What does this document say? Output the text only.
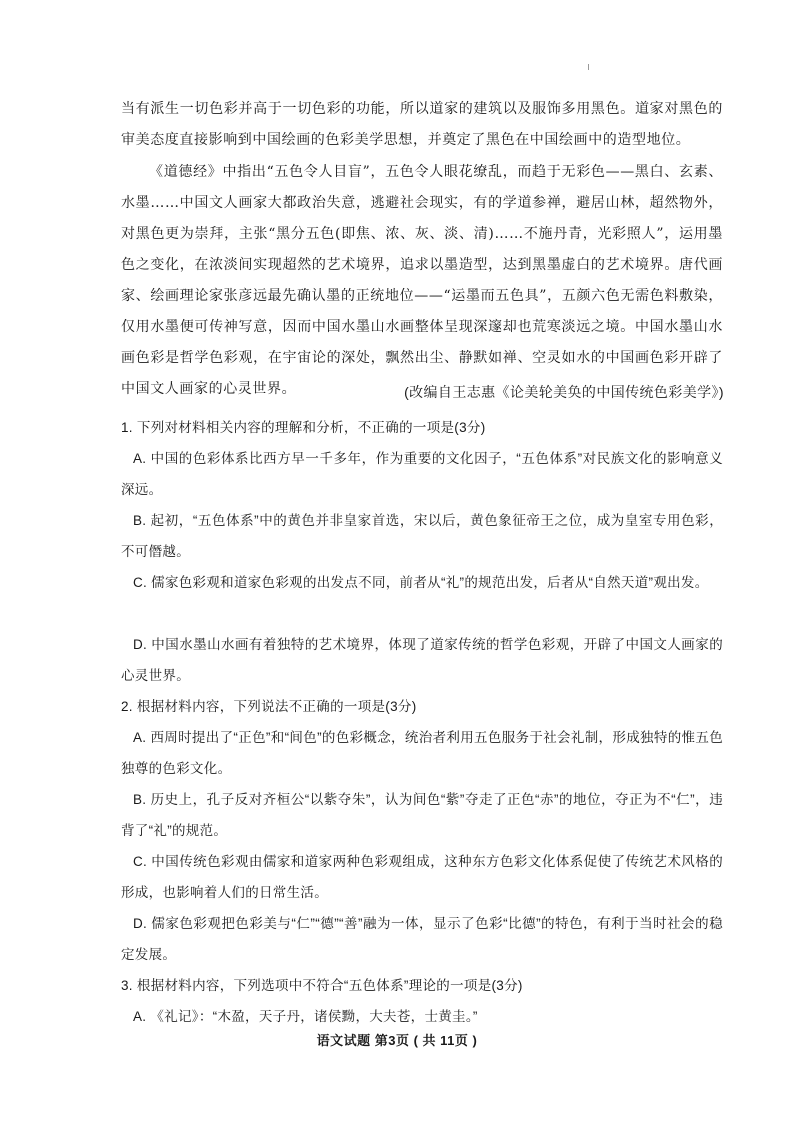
当有派生一切色彩并高于一切色彩的功能，所以道家的建筑以及服饰多用黑色。道家对黑色的审美态度直接影响到中国绘画的色彩美学思想，并奠定了黑色在中国绘画中的造型地位。

《道德经》中指出“五色令人目盲”，五色令人眼花缭乱，而趋于无彩色——黑白、玄素、水墨……中国文人画家大都政治失意，逃避社会现实，有的学道参禅，避居山林，超然物外，对黑色更为崇拜，主张“黑分五色(即焦、浓、灰、淡、清)……不施丹青，光彩照人”，运用墨色之变化，在浓淡间实现超然的艺术境界，追求以墨造型，达到黑墨虚白的艺术境界。唐代画家、绘画理论家张彦远最先确认墨的正统地位——“运墨而五色具”，五颜六色无需色料敷染，仅用水墨便可传神写意，因而中国水墨山水画整体呈现深邃却也荒寒淡远之境。中国水墨山水画色彩是哲学色彩观，在宇宙论的深处，飘然出尘、静默如禅、空灵如水的中国画色彩开辟了中国文人画家的心灵世界。	(改编自王志惠《论美轮美奂的中国传统色彩美学》)

1. 下列对材料相关内容的理解和分析，不正确的一项是(3分)

A. 中国的色彩体系比西方早一千多年，作为重要的文化因子，“五色体系”对民族文化的影响意义深远。

B. 起初，“五色体系”中的黄色并非皇家首选，宋以后，黄色象征帝王之位，成为皇室专用色彩，不可僭越。

C. 儒家色彩观和道家色彩观的出发点不同，前者从“礼”的规范出发，后者从“自然天道”观出发。

D. 中国水墨山水画有着独特的艺术境界，体现了道家传统的哲学色彩观，开辟了中国文人画家的心灵世界。

2. 根据材料内容，下列说法不正确的一项是(3分)

A. 西周时提出了“正色”和“间色”的色彩概念，统治者利用五色服务于社会礼制，形成独特的惟五色独尊的色彩文化。

B. 历史上，孔子反对齐桓公“以紫夺朱”，认为间色“紫”夺走了正色“赤”的地位，夺正为不“仁”，违背了“礼”的规范。

C. 中国传统色彩观由儒家和道家两种色彩观组成，这种东方色彩文化体系促使了传统艺术风格的形成，也影响着人们的日常生活。

D. 儒家色彩观把色彩美与“仁”“德”“善”融为一体，显示了色彩“比德”的特色，有利于当时社会的稳定发展。

3. 根据材料内容，下列选项中不符合“五色体系”理论的一项是(3分)

A. 《礼记》：“木盈，天子丹，诸侯黝，大夫苍，士黄圭。”

语文试题 第3页 ( 共 11页 )
